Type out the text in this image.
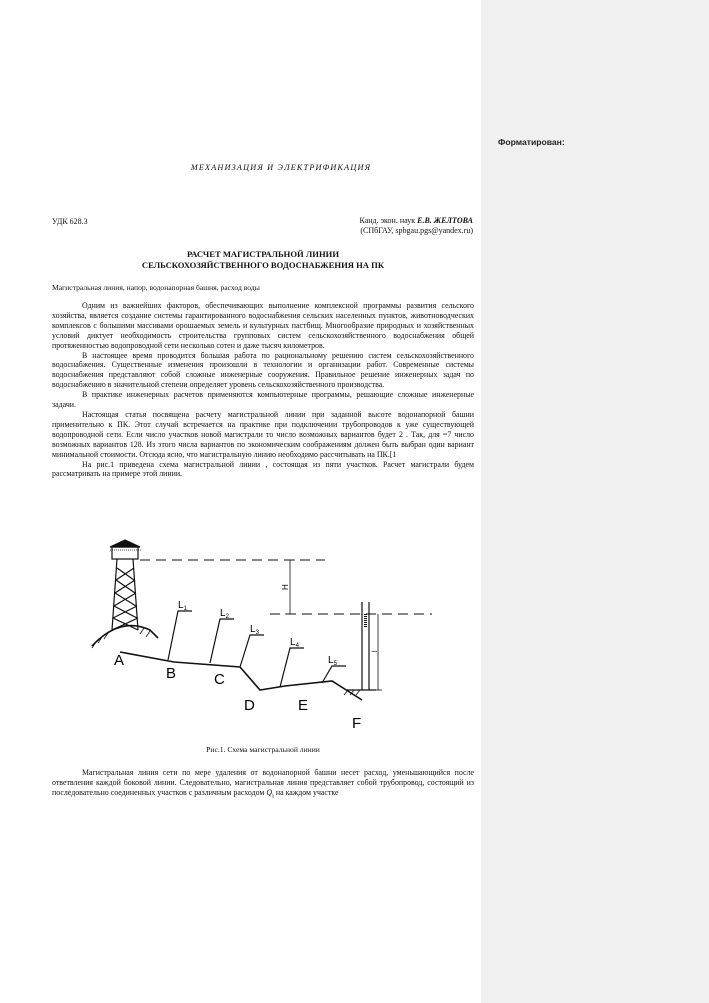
Форматирован:
МЕХАНИЗАЦИЯ И ЭЛЕКТРИФИКАЦИЯ
УДК 628.3	Канд. экон. наук Е.В. ЖЕЛТОВА
(СПбГАУ, spbgau.pgs@yandex.ru)
РАСЧЕТ МАГИСТРАЛЬНОЙ ЛИНИИ
СЕЛЬСКОХОЗЯЙСТВЕННОГО ВОДОСНАБЖЕНИЯ НА ПК
Магистральная линия, напор, водонапорная башня, расход воды

Одним из важнейших факторов, обеспечивающих выполнение комплексной программы развития сельского хозяйства, является создание системы гарантированного водоснабжения сельских населенных пунктов, животноводческих комплексов с большими массивами орошаемых земель и культурных пастбищ. Многообразие природных и хозяйственных условий диктует необходимость строительства групповых систем сельскохозяйственного водоснабжения общей протяженностью водопроводной сети несколько сотен и даже тысяч километров.

В настоящее время проводится большая работа по рациональному решению систем сельскохозяйственного водоснабжения. Существенные изменения произошли в технологии и организации работ. Современные системы водоснабжения представляют собой сложные инженерные сооружения. Правильное решение инженерных задач по водоснабжению в значительной степени определяет уровень сельскохозяйственного производства.

В практике инженерных расчетов применяются компьютерные программы, решающие сложные инженерные задачи.

Настоящая статья посвящена расчету магистральной линии при заданной высоте водонапорной башни применительно к ПК. Этот случай встречается на практике при подключении трубопроводов к уже существующей водопроводной сети. Если число участков новой магистрали то число возможных вариантов будет 2 . Так, для =7 число возможных вариантов 128. Из этого числа вариантов по экономическим соображениям должен быть выбран один вариант минимальной стоимости. Отсюда ясно, что магистральную линию необходимо рассчитывать на ПК.[1

На рис.1 приведена схема магистральной линии , состоящая из пяти участков. Расчет магистрали будем рассматривать на примере этой линии.

H
$L_1$	$L_2$
$L_3$
$L_4$
$L_5$
A
B	C
D	E
F
l
Рис.1. Схема магистральной линии

Магистральная линия сети по мере удаления от водонапорной башни несет расход, уменьшающийся после ответвления каждой боковой линии. Следовательно, магистральная линия представляет собой трубопровод, состоящий из последовательно соединенных участков с различным расходом $Q_i$ на каждом участке
